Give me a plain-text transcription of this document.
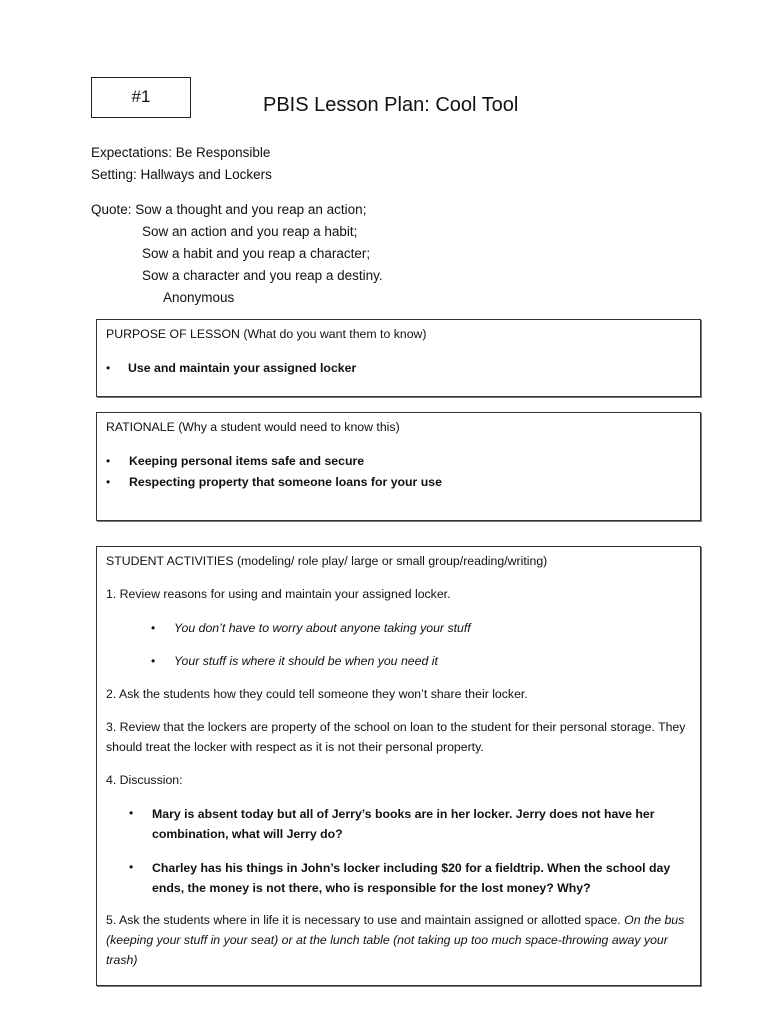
#1	PBIS Lesson Plan: Cool Tool
Expectations: Be Responsible
Setting: Hallways and Lockers
Quote: Sow a thought and you reap an action;
Sow an action and you reap a habit;
Sow a habit and you reap a character;
Sow a character and you reap a destiny.
Anonymous
PURPOSE OF LESSON (What do you want them to know)
• Use and maintain your assigned locker
RATIONALE (Why a student would need to know this)
• Keeping personal items safe and secure
• Respecting property that someone loans for your use
STUDENT ACTIVITIES (modeling/ role play/ large or small group/reading/writing)
1. Review reasons for using and maintain your assigned locker.
• You don’t have to worry about anyone taking your stuff
• Your stuff is where it should be when you need it
2. Ask the students how they could tell someone they won’t share their locker.
3. Review that the lockers are property of the school on loan to the student for their personal storage. They should treat the locker with respect as it is not their personal property.
4. Discussion:
• Mary is absent today but all of Jerry’s books are in her locker. Jerry does not have her combination, what will Jerry do?
• Charley has his things in John’s locker including $20 for a fieldtrip. When the school day ends, the money is not there, who is responsible for the lost money? Why?
5. Ask the students where in life it is necessary to use and maintain assigned or allotted space. On the bus (keeping your stuff in your seat) or at the lunch table (not taking up too much space-throwing away your trash)
